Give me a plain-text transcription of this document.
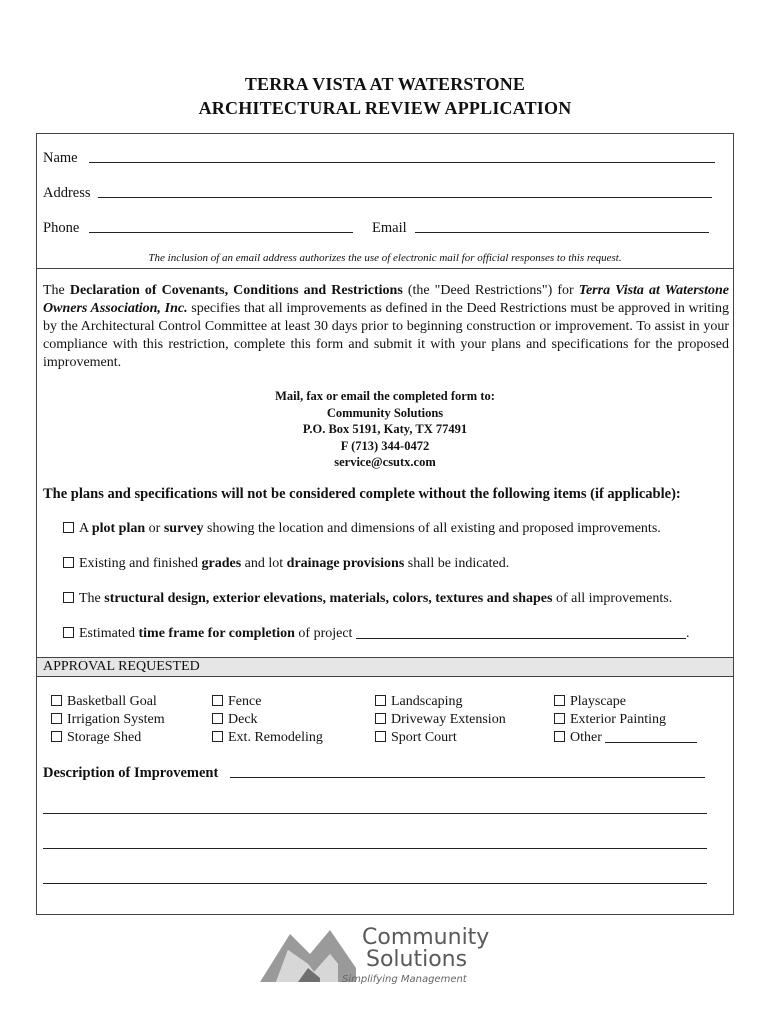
TERRA VISTA AT WATERSTONE
ARCHITECTURAL REVIEW APPLICATION
Name
Address
Phone	Email
The inclusion of an email address authorizes the use of electronic mail for official responses to this request.
The Declaration of Covenants, Conditions and Restrictions (the "Deed Restrictions") for Terra Vista at Waterstone Owners Association, Inc. specifies that all improvements as defined in the Deed Restrictions must be approved in writing by the Architectural Control Committee at least 30 days prior to beginning construction or improvement. To assist in your compliance with this restriction, complete this form and submit it with your plans and specifications for the proposed improvement.
Mail, fax or email the completed form to:
Community Solutions
P.O. Box 5191, Katy, TX 77491
F (713) 344-0472
service@csutx.com
The plans and specifications will not be considered complete without the following items (if applicable):
A plot plan or survey showing the location and dimensions of all existing and proposed improvements.
Existing and finished grades and lot drainage provisions shall be indicated.
The structural design, exterior elevations, materials, colors, textures and shapes of all improvements.
Estimated time frame for completion of project	.
APPROVAL REQUESTED
Basketball Goal
Irrigation System
Storage Shed
Fence
Deck
Ext. Remodeling
Landscaping
Driveway Extension
Sport Court
Playscape
Exterior Painting
Other
Description of Improvement
Community
Solutions
Simplifying Management
